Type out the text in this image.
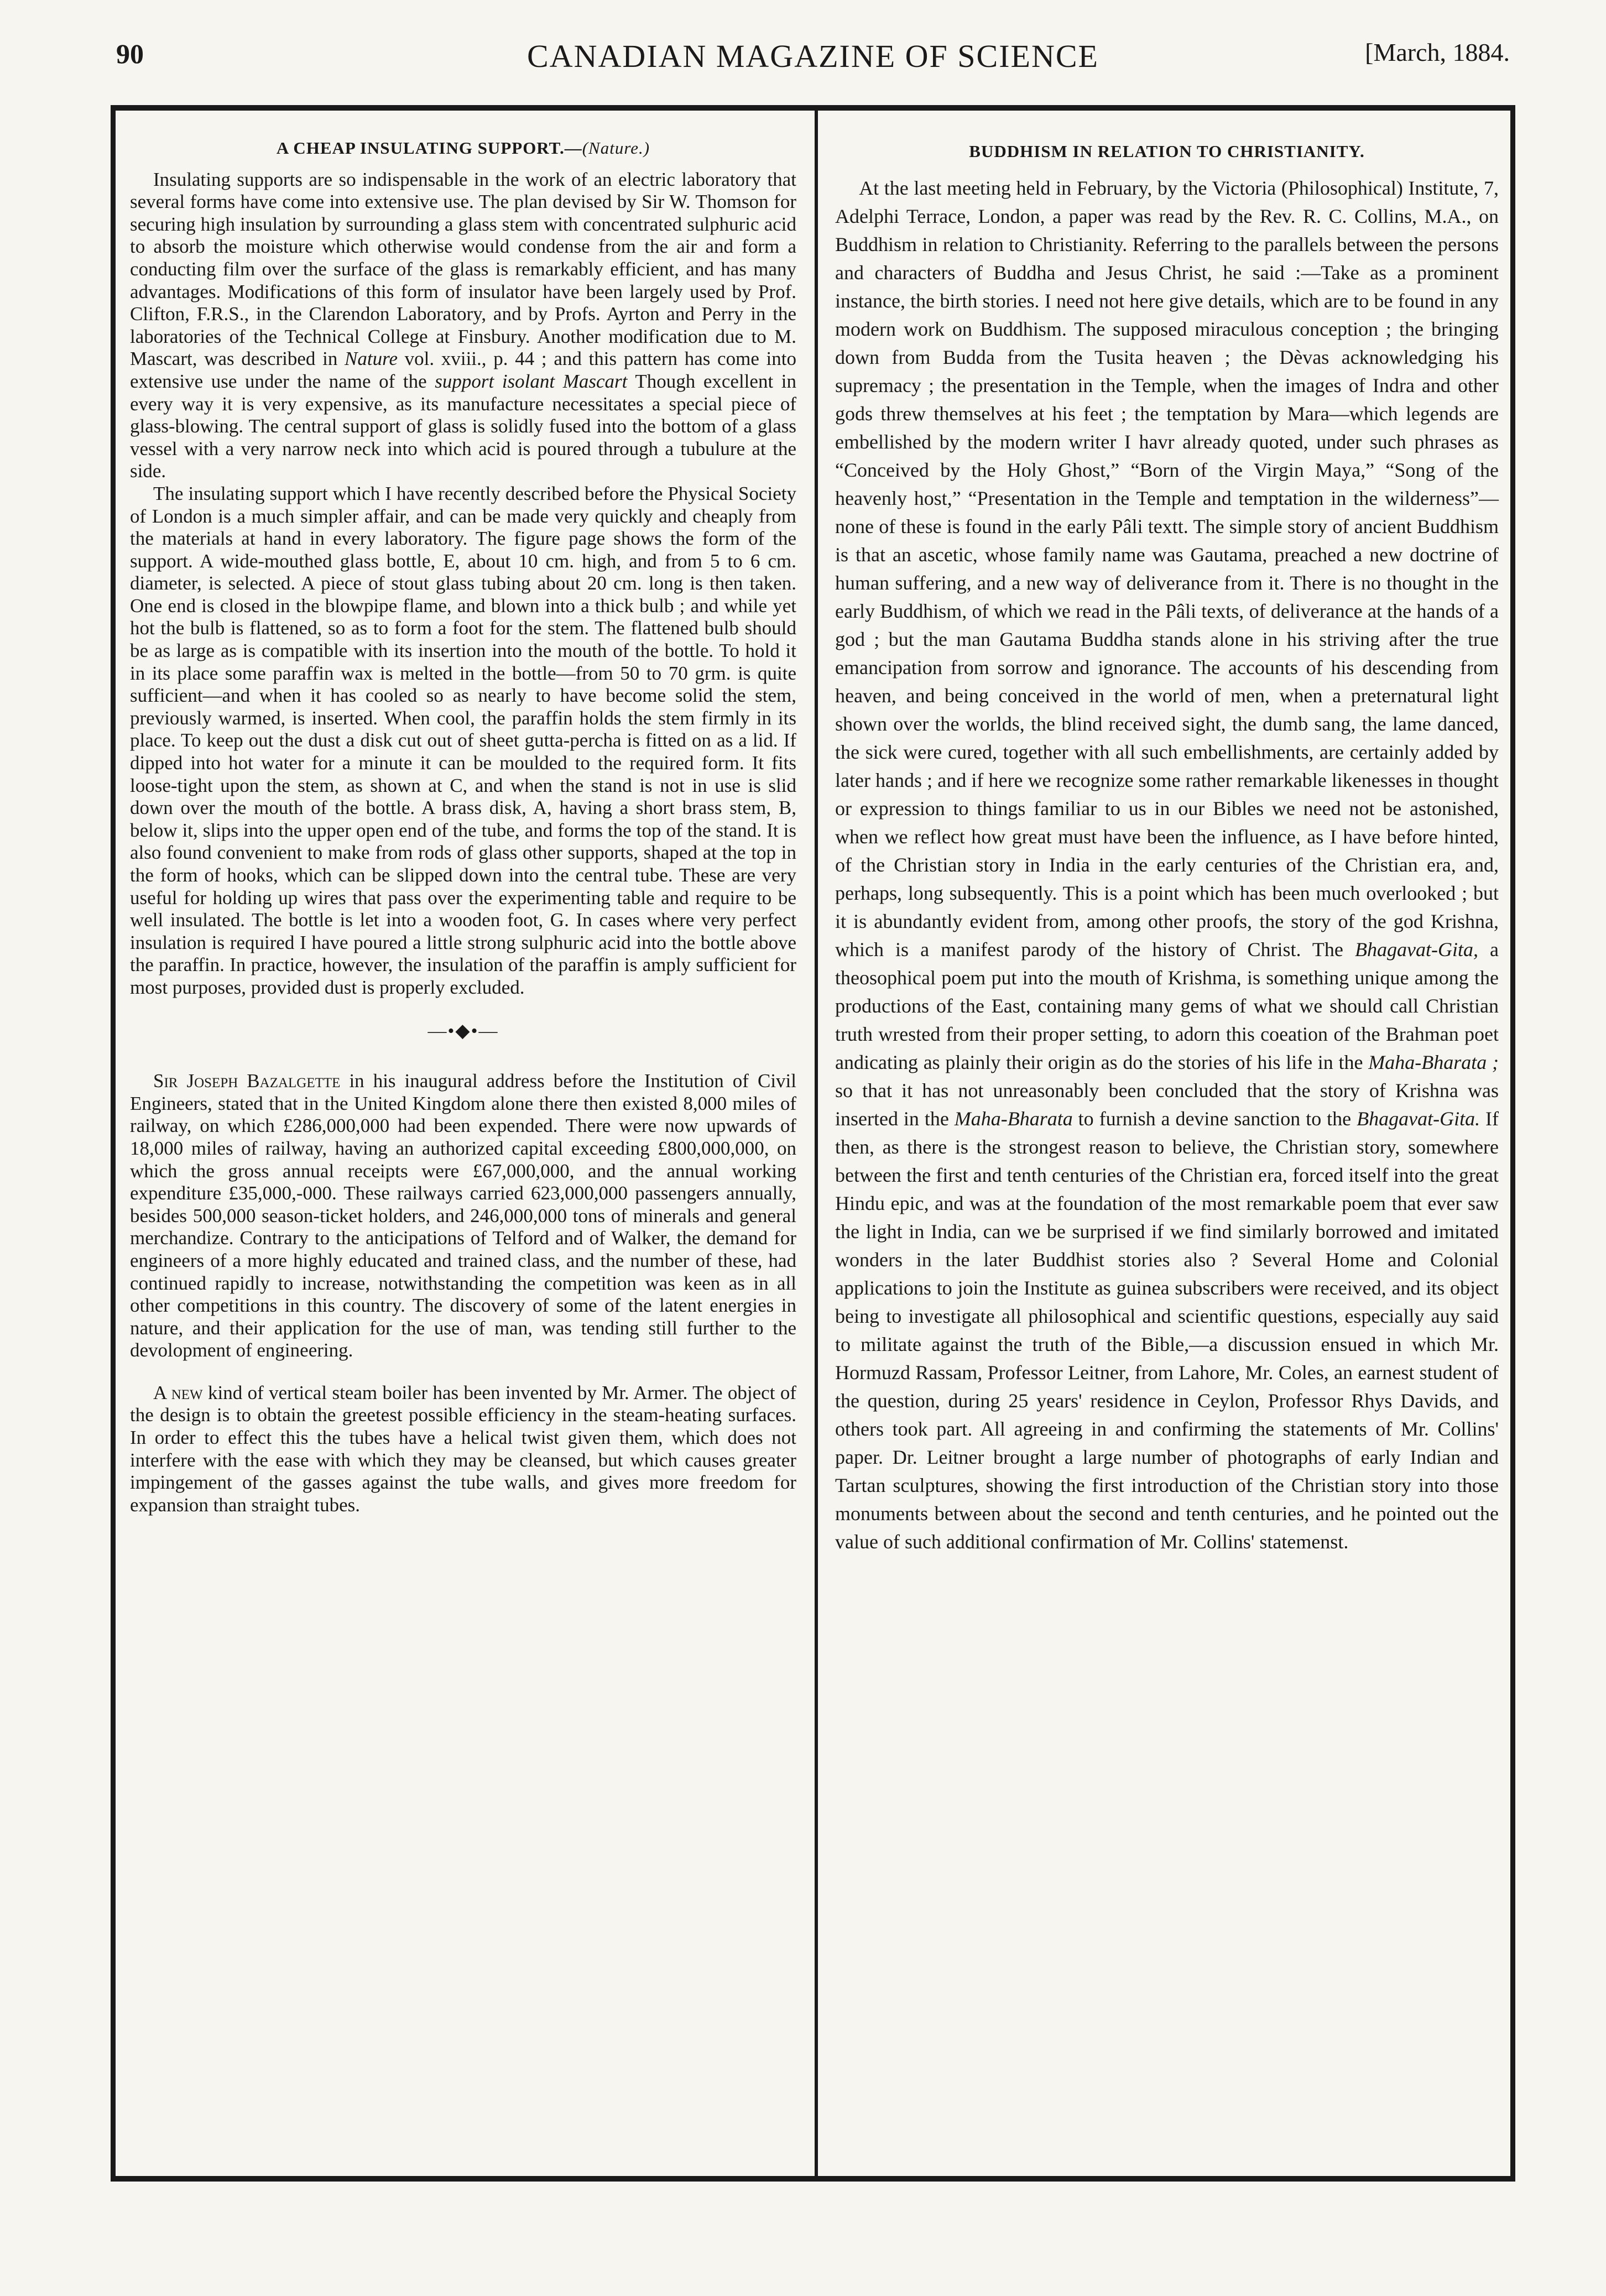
90	CANADIAN MAGAZINE OF SCIENCE	[March, 1884.
A CHEAP INSULATING SUPPORT.—(Nature.)

Insulating supports are so indispensable in the work of an electric laboratory that several forms have come into extensive use. The plan devised by Sir W. Thomson for securing high insulation by surrounding a glass stem with concentrated sulphuric acid to absorb the moisture which otherwise would condense from the air and form a conducting film over the surface of the glass is remarkably efficient, and has many advantages. Modifications of this form of insulator have been largely used by Prof. Clifton, F.R.S., in the Clarendon Laboratory, and by Profs. Ayrton and Perry in the laboratories of the Technical College at Finsbury. Another modification due to M. Mascart, was described in Nature vol. xviii., p. 44 ; and this pattern has come into extensive use under the name of the support isolant Mascart Though excellent in every way it is very expensive, as its manufacture necessitates a special piece of glass-blowing. The central support of glass is solidly fused into the bottom of a glass vessel with a very narrow neck into which acid is poured through a tubulure at the side.

The insulating support which I have recently described before the Physical Society of London is a much simpler affair, and can be made very quickly and cheaply from the materials at hand in every laboratory. The figure page shows the form of the support. A wide-mouthed glass bottle, E, about 10 cm. high, and from 5 to 6 cm. diameter, is selected. A piece of stout glass tubing about 20 cm. long is then taken. One end is closed in the blowpipe flame, and blown into a thick bulb ; and while yet hot the bulb is flattened, so as to form a foot for the stem. The flattened bulb should be as large as is compatible with its insertion into the mouth of the bottle. To hold it in its place some paraffin wax is melted in the bottle—from 50 to 70 grm. is quite sufficient—and when it has cooled so as nearly to have become solid the stem, previously warmed, is inserted. When cool, the paraffin holds the stem firmly in its place. To keep out the dust a disk cut out of sheet gutta-percha is fitted on as a lid. If dipped into hot water for a minute it can be moulded to the required form. It fits loose-tight upon the stem, as shown at C, and when the stand is not in use is slid down over the mouth of the bottle. A brass disk, A, having a short brass stem, B, below it, slips into the upper open end of the tube, and forms the top of the stand. It is also found convenient to make from rods of glass other supports, shaped at the top in the form of hooks, which can be slipped down into the central tube. These are very useful for holding up wires that pass over the experimenting table and require to be well insulated. The bottle is let into a wooden foot, G. In cases where very perfect insulation is required I have poured a little strong sulphuric acid into the bottle above the paraffin. In practice, however, the insulation of the paraffin is amply sufficient for most purposes, provided dust is properly excluded.

—•◆•—

Sir Joseph Bazalgette in his inaugural address before the Institution of Civil Engineers, stated that in the United Kingdom alone there then existed 8,000 miles of railway, on which £286,000,000 had been expended. There were now upwards of 18,000 miles of railway, having an authorized capital exceeding £800,000,000, on which the gross annual receipts were £67,000,000, and the annual working expenditure £35,000,-000. These railways carried 623,000,000 passengers annually, besides 500,000 season-ticket holders, and 246,000,000 tons of minerals and general merchandize. Contrary to the anticipations of Telford and of Walker, the demand for engineers of a more highly educated and trained class, and the number of these, had continued rapidly to increase, notwithstanding the competition was keen as in all other competitions in this country. The discovery of some of the latent energies in nature, and their application for the use of man, was tending still further to the devolopment of engineering.

A new kind of vertical steam boiler has been invented by Mr. Armer. The object of the design is to obtain the greetest possible efficiency in the steam-heating surfaces. In order to effect this the tubes have a helical twist given them, which does not interfere with the ease with which they may be cleansed, but which causes greater impingement of the gasses against the tube walls, and gives more freedom for expansion than straight tubes.

BUDDHISM IN RELATION TO CHRISTIANITY.

At the last meeting held in February, by the Victoria (Philosophical) Institute, 7, Adelphi Terrace, London, a paper was read by the Rev. R. C. Collins, M.A., on Buddhism in relation to Christianity. Referring to the parallels between the persons and characters of Buddha and Jesus Christ, he said :—Take as a prominent instance, the birth stories. I need not here give details, which are to be found in any modern work on Buddhism. The supposed miraculous conception ; the bringing down from Budda from the Tusita heaven ; the Dèvas acknowledging his supremacy ; the presentation in the Temple, when the images of Indra and other gods threw themselves at his feet ; the temptation by Mara—which legends are embellished by the modern writer I havr already quoted, under such phrases as “Conceived by the Holy Ghost,” “Born of the Virgin Maya,” “Song of the heavenly host,” “Presentation in the Temple and temptation in the wilderness”—none of these is found in the early Pâli textt. The simple story of ancient Buddhism is that an ascetic, whose family name was Gautama, preached a new doctrine of human suffering, and a new way of deliverance from it. There is no thought in the early Buddhism, of which we read in the Pâli texts, of deliverance at the hands of a god ; but the man Gautama Buddha stands alone in his striving after the true emancipation from sorrow and ignorance. The accounts of his descending from heaven, and being conceived in the world of men, when a preternatural light shown over the worlds, the blind received sight, the dumb sang, the lame danced, the sick were cured, together with all such embellishments, are certainly added by later hands ; and if here we recognize some rather remarkable likenesses in thought or expression to things familiar to us in our Bibles we need not be astonished, when we reflect how great must have been the influence, as I have before hinted, of the Christian story in India in the early centuries of the Christian era, and, perhaps, long subsequently. This is a point which has been much overlooked ; but it is abundantly evident from, among other proofs, the story of the god Krishna, which is a manifest parody of the history of Christ. The Bhagavat-Gita, a theosophical poem put into the mouth of Krishma, is something unique among the productions of the East, containing many gems of what we should call Christian truth wrested from their proper setting, to adorn this coeation of the Brahman poet andicating as plainly their origin as do the stories of his life in the Maha-Bharata ; so that it has not unreasonably been concluded that the story of Krishna was inserted in the Maha-Bharata to furnish a devine sanction to the Bhagavat-Gita. If then, as there is the strongest reason to believe, the Christian story, somewhere between the first and tenth centuries of the Christian era, forced itself into the great Hindu epic, and was at the foundation of the most remarkable poem that ever saw the light in India, can we be surprised if we find similarly borrowed and imitated wonders in the later Buddhist stories also ? Several Home and Colonial applications to join the Institute as guinea subscribers were received, and its object being to investigate all philosophical and scientific questions, especially auy said to militate against the truth of the Bible,—a discussion ensued in which Mr. Hormuzd Rassam, Professor Leitner, from Lahore, Mr. Coles, an earnest student of the question, during 25 years' residence in Ceylon, Professor Rhys Davids, and others took part. All agreeing in and confirming the statements of Mr. Collins' paper. Dr. Leitner brought a large number of photographs of early Indian and Tartan sculptures, showing the first introduction of the Christian story into those monuments between about the second and tenth centuries, and he pointed out the value of such additional confirmation of Mr. Collins' statemenst.
